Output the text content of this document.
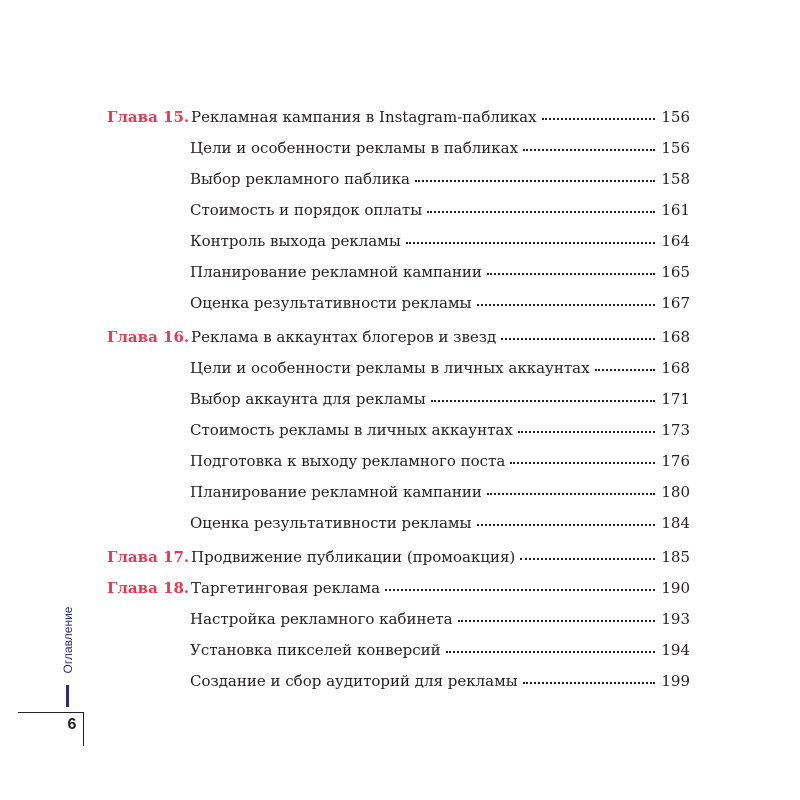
Глава 15. Рекламная кампания в Instagram-пабликах	156
Цели и особенности рекламы в пабликах	156
Выбор рекламного паблика	158
Стоимость и порядок оплаты	161
Контроль выхода рекламы	164
Планирование рекламной кампании	165
Оценка результативности рекламы	167
Глава 16. Реклама в аккаунтах блогеров и звезд	168
Цели и особенности рекламы в личных аккаунтах	168
Выбор аккаунта для рекламы	171
Стоимость рекламы в личных аккаунтах	173
Подготовка к выходу рекламного поста	176
Планирование рекламной кампании	180
Оценка результативности рекламы	184
Глава 17. Продвижение публикации (промоакция)	185
Глава 18. Таргетинговая реклама	190
Настройка рекламного кабинета	193
Установка пикселей конверсий	194
Создание и сбор аудиторий для рекламы	199
Оглавление
6
